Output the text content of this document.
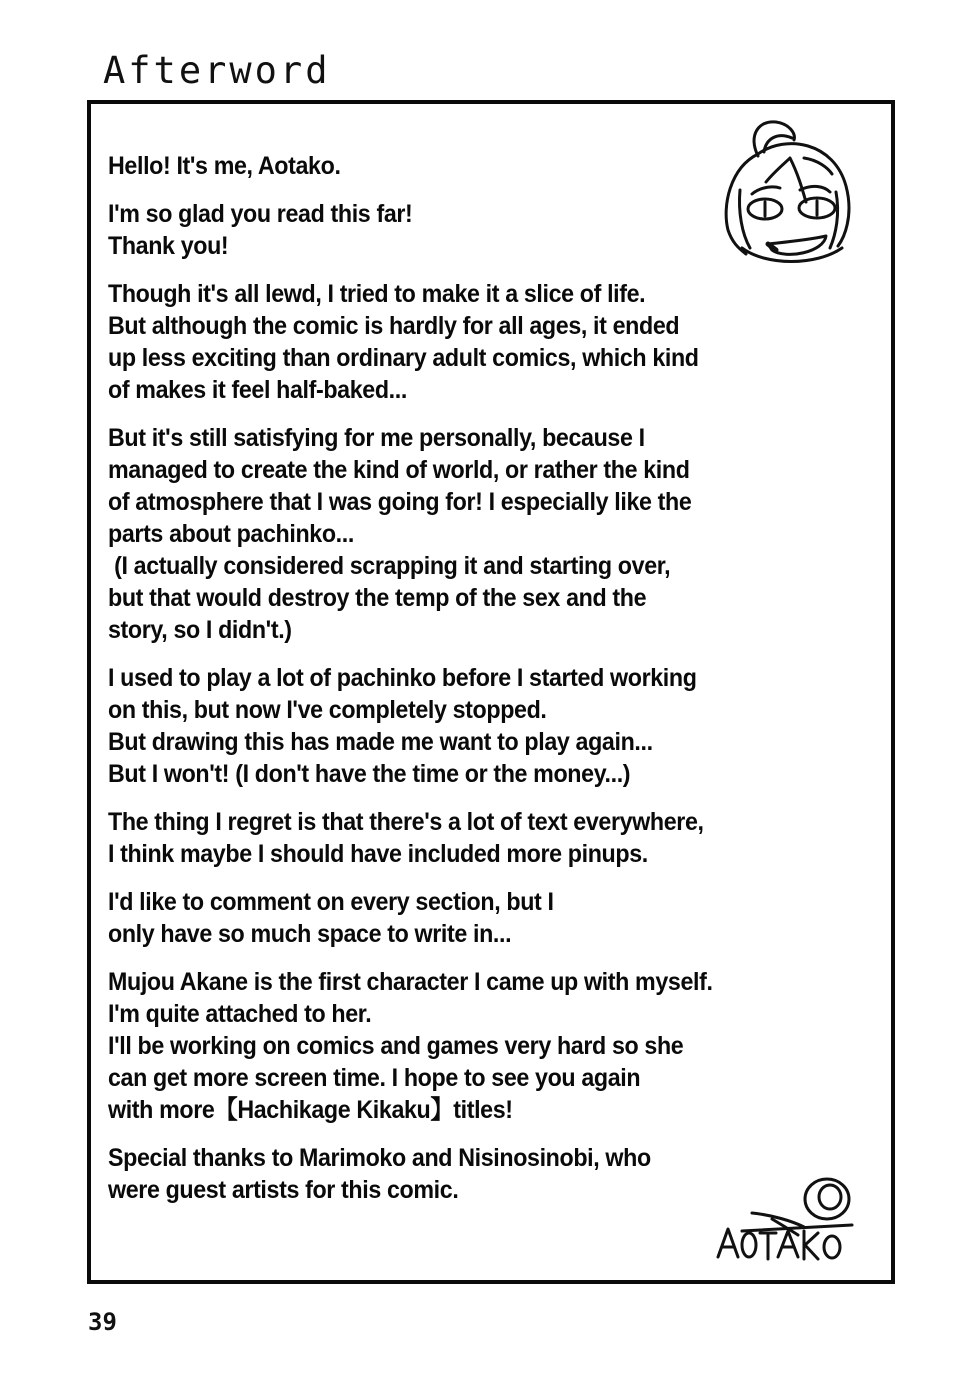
Afterword
Hello! It's me, Aotako.
I'm so glad you read this far!
Thank you!
Though it's all lewd, I tried to make it a slice of life.
But although the comic is hardly for all ages, it ended
up less exciting than ordinary adult comics, which kind
of makes it feel half-baked...
But it's still satisfying for me personally, because I
managed to create the kind of world, or rather the kind
of atmosphere that I was going for! I especially like the
parts about pachinko...
(I actually considered scrapping it and starting over,
but that would destroy the temp of the sex and the
story, so I didn't.)
I used to play a lot of pachinko before I started working
on this, but now I've completely stopped.
But drawing this has made me want to play again...
But I won't! (I don't have the time or the money...)
The thing I regret is that there's a lot of text everywhere,
I think maybe I should have included more pinups.
I'd like to comment on every section, but I
only have so much space to write in...
Mujou Akane is the first character I came up with myself.
I'm quite attached to her.
I'll be working on comics and games very hard so she
can get more screen time. I hope to see you again
with more【Hachikage Kikaku】titles!
Special thanks to Marimoko and Nisinosinobi, who
were guest artists for this comic.
39
